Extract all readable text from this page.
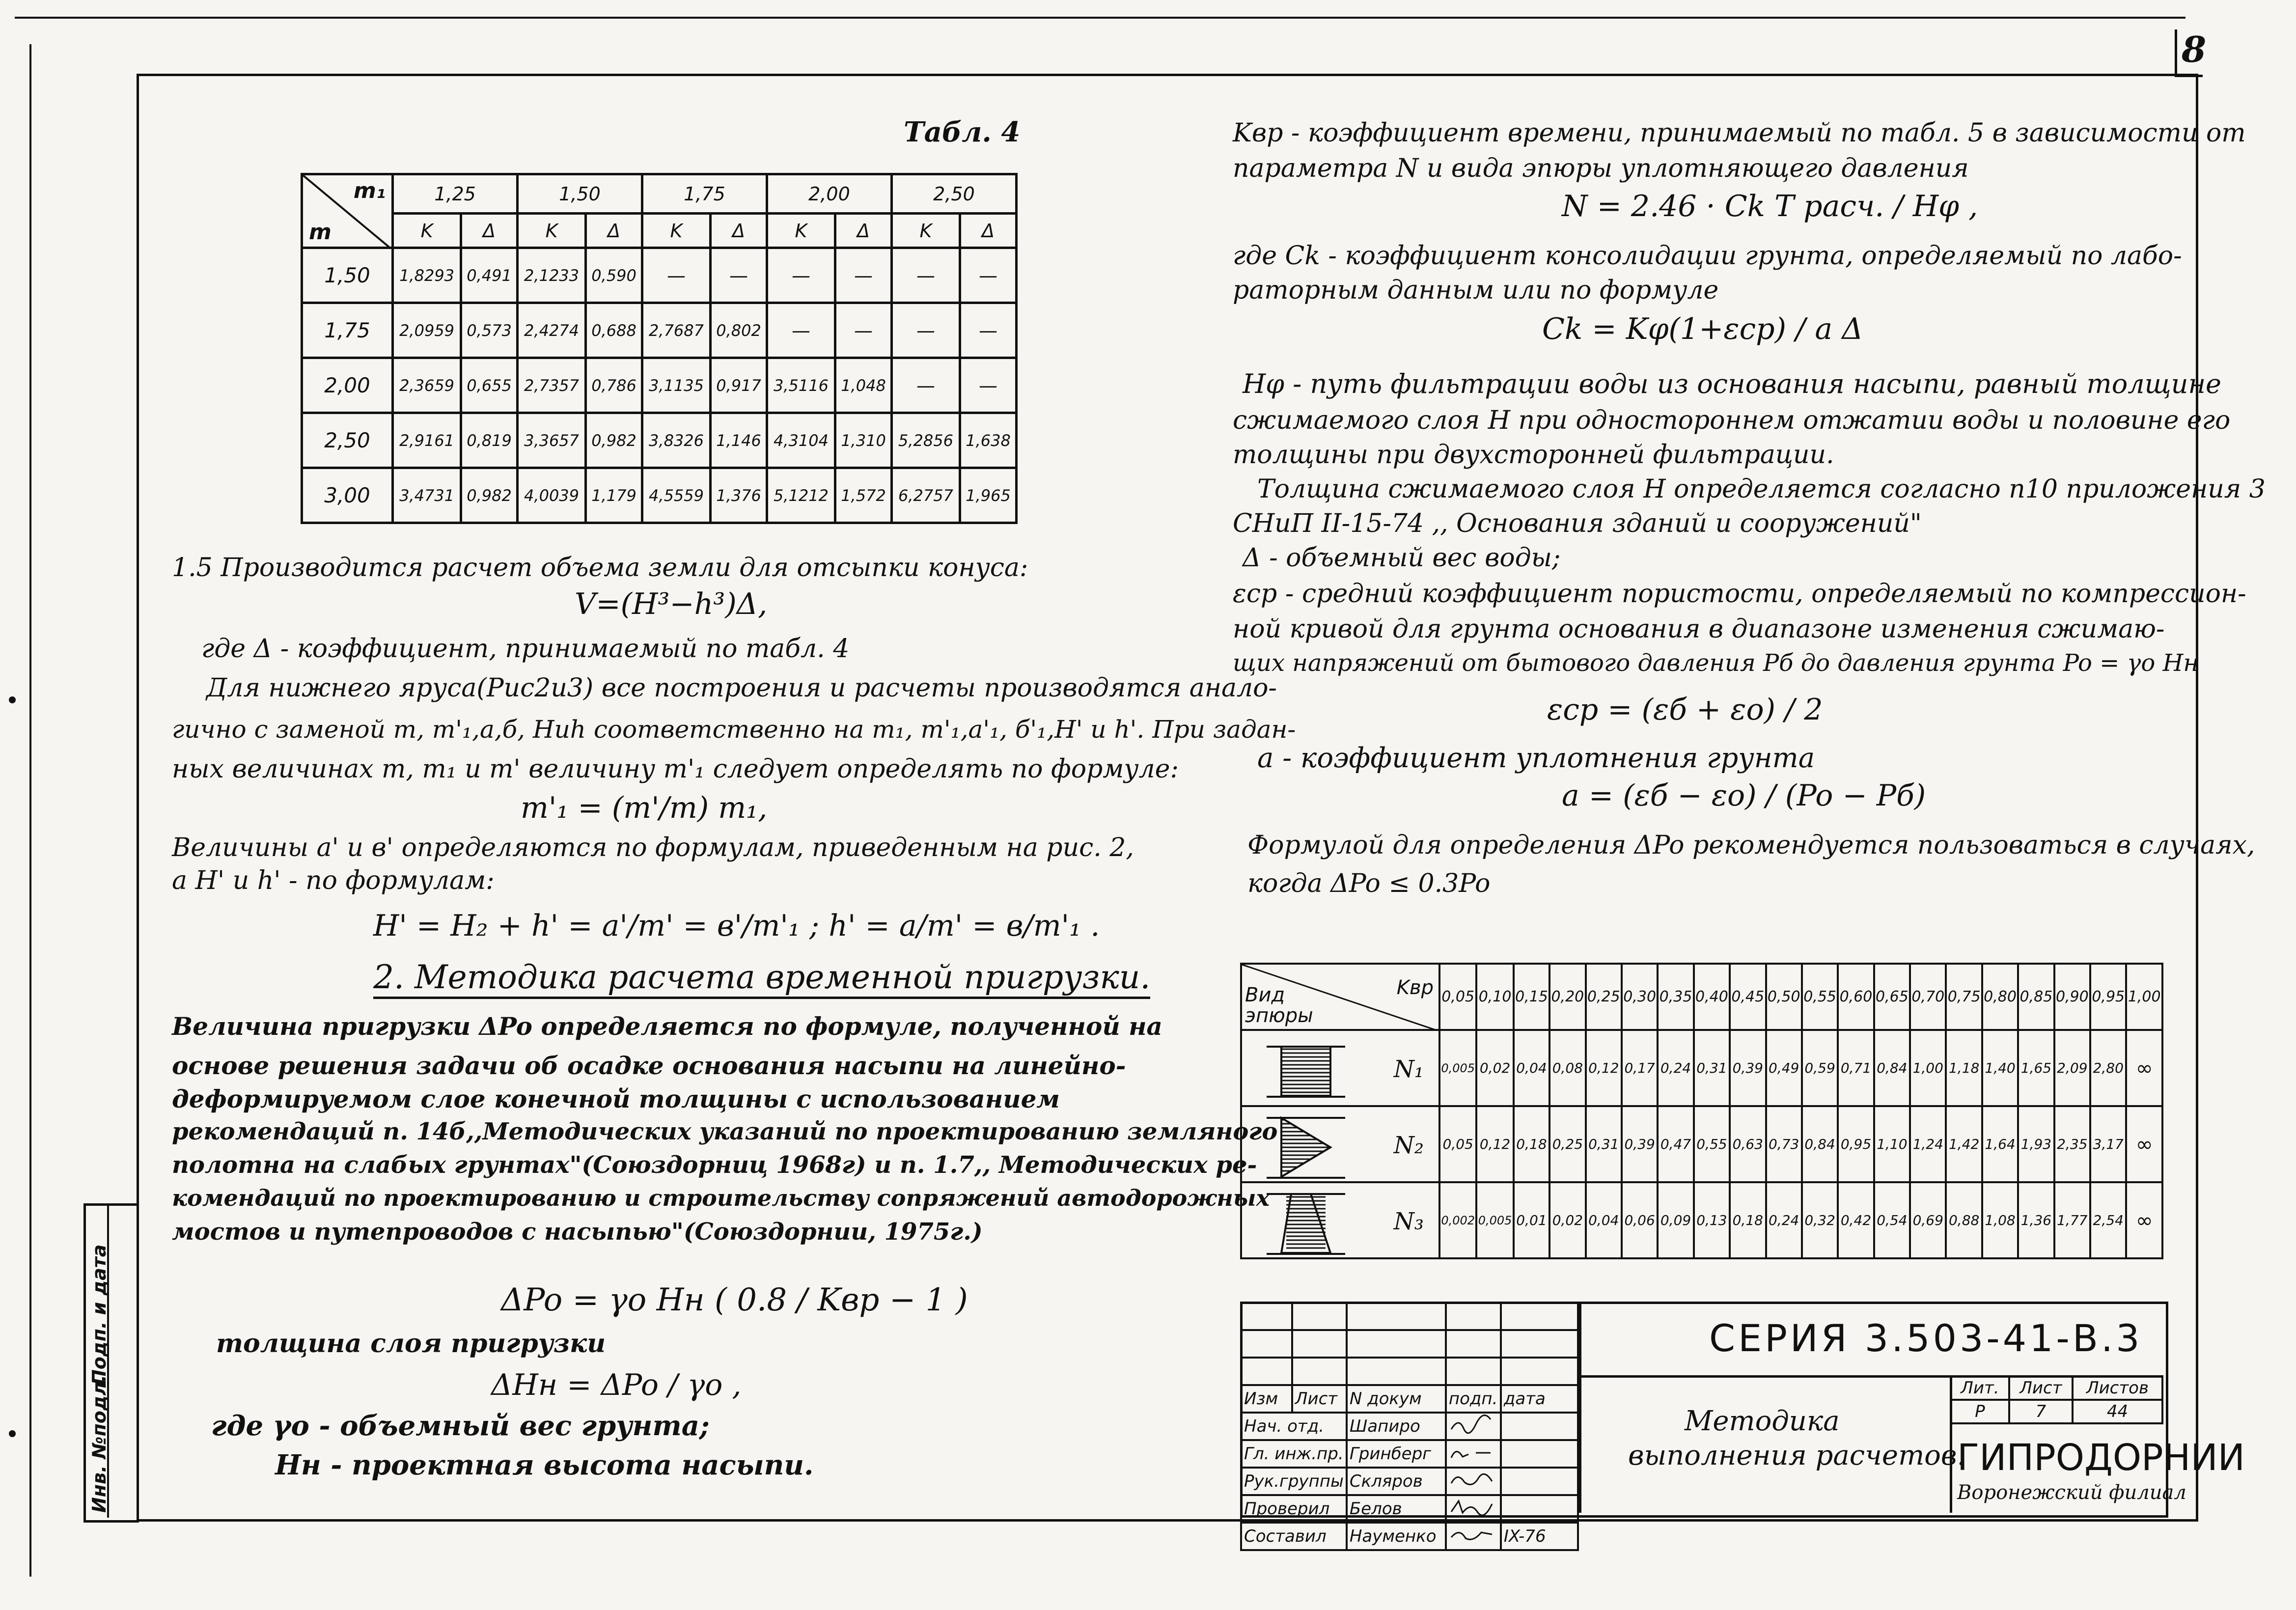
8
Инв. №подл.
Подп. и дата
Табл. 4
m₁
m	1,25		1,50		1,75		2,00		2,50	
	K	Δ	K	Δ	K	Δ	K	Δ	K	Δ
1,50	1,8293	0,491	2,1233	0,590	—	—	—	—	—	—
1,75	2,0959	0,573	2,4274	0,688	2,7687	0,802	—	—	—	—
2,00	2,3659	0,655	2,7357	0,786	3,1135	0,917	3,5116	1,048	—	—
2,50	2,9161	0,819	3,3657	0,982	3,8326	1,146	4,3104	1,310	5,2856	1,638
3,00	3,4731	0,982	4,0039	1,179	4,5559	1,376	5,1212	1,572	6,2757	1,965
1.5 Производится расчет объема земли для отсыпки конуса:
V=(H³−h³)Δ,
где Δ - коэффициент, принимаемый по табл. 4
Для нижнего яруса(Рис2и3) все построения и расчеты производятся анало-
гично с заменой m, m'₁,a,б, Hиh соответственно на m₁, m'₁,a'₁, б'₁,H' и h'. При задан-
ных величинах m, m₁ и m' величину m'₁ следует определять по формуле:
m'₁ = (m'/m) m₁,
Величины a' и в' определяются по формулам, приведенным на рис. 2,
а H' и h' - по формулам:
H' = H₂ + h' = a'/m' = в'/m'₁ ; h' = a/m' = в/m'₁ .
2. Методика расчета временной пригрузки.
Величина пригрузки ΔPo определяется по формуле, полученной на
основе решения задачи об осадке основания насыпи на линейно-
деформируемом слое конечной толщины с использованием
рекомендаций п. 14б,,Методических указаний по проектированию земляного
полотна на слабых грунтах"(Союздорниц 1968г) и п. 1.7,, Методических ре-
комендаций по проектированию и строительству сопряжений автодорожных
мостов и путепроводов с насыпью"(Союздорнии, 1975г.)
ΔPo = γo Hн ( 0.8 / Kвр − 1 )
толщина слоя пригрузки
ΔHн = ΔPo / γo ,
где γo - объемный вес грунта;
Hн - проектная высота насыпи.
Kвр - коэффициент времени, принимаемый по табл. 5 в зависимости от
параметра N и вида эпюры уплотняющего давления
N = 2.46 · Ck T расч. / Hφ ,
где Ck - коэффициент консолидации грунта, определяемый по лабо-
раторным данным или по формуле
Ck = Kφ(1+εср) / a Δ
Hφ - путь фильтрации воды из основания насыпи, равный толщине
сжимаемого слоя H при одностороннем отжатии воды и половине его
толщины при двухсторонней фильтрации.
Толщина сжимаемого слоя H определяется согласно п10 приложения 3
СНиП II-15-74 ,, Основания зданий и сооружений"
Δ - объемный вес воды;
εср - средний коэффициент пористости, определяемый по компрессион-
ной кривой для грунта основания в диапазоне изменения сжимаю-
щих напряжений от бытового давления Pб до давления грунта Po = γo Hн
εср = (εб + εo) / 2
a - коэффициент уплотнения грунта
a = (εб − εo) / (Po − Pб)
Формулой для определения ΔPo рекомендуется пользоваться в случаях,
когда ΔPo ≤ 0.3Po
Вид эпюры
Kвр	0,05	0,10	0,15	0,20	0,25	0,30	0,35	0,40	0,45	0,50	0,55	0,60	0,65	0,70	0,75	0,80	0,85	0,90	0,95	1,00

N₁	0,005	0,02	0,04	0,08	0,12	0,17	0,24	0,31	0,39	0,49	0,59	0,71	0,84	1,00	1,18	1,40	1,65	2,09	2,80	∞

N₂	0,05	0,12	0,18	0,25	0,31	0,39	0,47	0,55	0,63	0,73	0,84	0,95	1,10	1,24	1,42	1,64	1,93	2,35	3,17	∞

N₃	0,002	0,005	0,01	0,02	0,04	0,06	0,09	0,13	0,18	0,24	0,32	0,42	0,54	0,69	0,88	1,08	1,36	1,77	2,54	∞

Изм	Лист	N докум	подп.	дата
Нач. отд.		Шапиро		
Гл. инж.пр.		Гринберг		
Рук.группы		Скляров		
Проверил		Белов		
Составил		Науменко		IX-76
СЕРИЯ 3.503-41-В.3
Методика
выполнения расчетов.
Лит.	Лист	Листов
Р	7	44
ГИПРОДОРНИИ
Воронежский филиал
